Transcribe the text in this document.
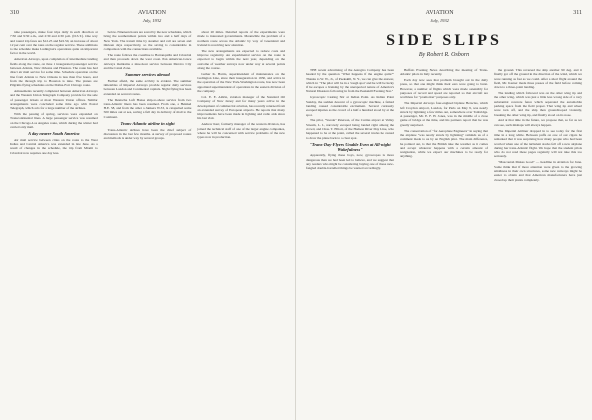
310	AVIATION
July, 1932

nine passengers, make four trips daily in each direction at 7:30 and 9:30 a.m., and 2:30 and 4:30 p.m. (D.S.T.). One way and round trip fares are $12.25 and $22.50, an increase of about 12 per cent over the rates on the regular service. These additions to the schedule make Ludington's operations quite an important factor in the world.

American Airways, upon completion of intermediate landing fields along the route, on June 1 inaugurated passenger service between Atlanta, New Orleans and Houston. The route has had direct air mail service for some time. Schedule operation on the line from Atlanta to New Orleans is less than five hours, and from the through trip to Houston is nine. The planes are Pilgrims flying schedules on the Dallas-Fort Chicago route.

Amusements recently completed between American Airways and the Western Union Telegraph Company provide for the sale of passenger tickets at most Western Union offices. Similar arrangements were concluded some time ago with Postal Telegraph, which acts for a large number of the airlines.

With the passing of spring, services were expanded on Transcontinental lines. A large passenger service was resumed on the Chicago-Los Angeles route, which during the winter had carried only mail.

A day nearer South America

Air mail service between cities on the route to the West Indies and Central America was extended in late June. As a result of changes in the schedule, the trip from Miami to Cristobal now requires one day less.

below. Nineteen hours are saved by the new schedules, which bring the southernmost points within two and a half days of New York. The transit time by steamer and rail are seven and thirteen days respectively, so the saving is considerable in comparison with the connections available.

The route follows the coastline to Barranquilla and Cristobal and then proceeds down the west coast. Pan American-Grace Airways maintains a nine-hour service between Mexico City and the Canal Zone.

Summer services abroad

Further afield, the same activity is evident. The summer timetables of Imperial Airways provide regular daily services between London and Continental capitals. Night flying has been extended on several routes.

The Deutsche Luft Hansa ship-to-shore service from two trans-Atlantic liners has been resumed. From one, a Heinkel H.E. 58, and from the other a Junkers W.33, is catapulted some 500 miles out at sea, saving a full day in delivery of mail to the Continent.

Trans-Atlantic airline in sight

Trans-Atlantic airlines have been the chief subject of discussion in the last few months. A survey of proposed routes and methods is under way by several groups.

about 20 miles. Detailed reports of the experiments were made to interested governments. Meanwhile the problem of a northern route across the Atlantic by way of Greenland and Iceland is receiving new attention.

The new arrangements are expected to reduce costs and improve regularity. An experimental service on the route is expected to begin within the next year, depending on the outcome of weather surveys now under way at several points along the course.

Luther K. Harris, superintendent of maintenance on the Ludington Line, since their inauguration in 1930, and active in the operation of the New York-Washington route, has now been appointed superintendent of operations in the eastern division of the company.

Col. E. E. Aldrin, aviation manager of the Standard Oil Company of New Jersey and for many years active in the development of commercial aviation, has recently returned from an extended survey of European airports. He reports that many improvements have been made in lighting and radio aids since his last visit.

Andrew Kerr, formerly manager of the western division, has joined the technical staff of one of the larger engine companies, where he will be concerned with service problems of the new types now in production.

AVIATION
July, 1932
311
SIDE SLIPS
By Robert R. Osborn

THE recent advertising of the Autogiro Company has been headed by the question "What happens if the engine quits?" Thanks to W. W., Jr., of Peekskill, N. Y., we can give the answer, which is: "The pilot will be in a 'tough spot' and he will be lucky if he escapes a bruising by the unexpected nature of America's Natural Disasters following in from the Peekskill Evening Star."

Gyroscopic Casting Stir at Indian Point. As Indian Point Sunday, the sudden descent of a gyroscopic machine, a famed landing caused considerable excitement. Several curiously escaped injuries as the crowd of a half a hundred stood by at the spot.

The pilot, "Swede" Peterson, of the Curtiss airport at Valley Stream, L. I., narrowly escaped being landed right among the crowd, and Chas. T. Elliott, of the Hudson River Day Line, who happened to be at the point, called the several trucks he owned to draw the plane back to a clear spot.

"Trans-Day-Flyers Unable Even at All-night Wakefulness"

Apparently, flying these boys, now, gyroscopes is more dangerous than we had been led to believe, and we suggest that any readers who might be considering buying one of these new-fangled double-barrelled things be warned accordingly.

Buffalo Evening News describing the meeting of Trans-Atlantic pilots in Italy recently.

Each day now sees that problem brought out in the daily press, so that one might think their ears were going to burst. However, a number of flights which were made ostensibly for purposes of record and speed are reported so that aircraft are worthless for "promotion" purposes only.

The Imperial Airways four-engined biplane Heracles, which left Croydon Airport, London, for Paris on May 9, was nearly struck by lightning a few miles out, somewhere over Tonbridge. A passenger, Mr. E. F. H. Jones, was in the middle of a close game of bridge at the time, and his partners report that he was greatly surprised.

The conservation of "for Aeroplane Engineers" in saying that the airplane "was nearly struck by lightning" reminds us of a comment made to us by an English pilot. The main difference, he pointed out, is that the British take the weather as it comes and accept whatever happens with a certain amount of resignation, while we expect our machines to be ready for anything.

the ground. This reversed the ship another 90 deg. and it finally got off the ground in the direction of the wind, which we were running as fast as we could. After a short flight around the field, Mr. Kerner made three passes of the field before coming down to a three-point landing.

The landing which followed was on the other wing tip and the other wing, which was just a little less wrong side of a very substantial concrete fence which separated the automobile parking space from the field proper. That wing tip and wheel were torn off, and the ship then groundlooped violently, breaking the other wing tip, and finally stood on its nose.

And at that time in the future, we propose that, so far as we can see, such mishaps will always happen.

The Imperial Airliner dropped in to see today for the first time in a long while. Between puffs on one of our cigars he remarked that it was surprising how many people who had been worried when one of the turbulent stacks fell off a new airplane during her trans-Atlantic flight. We hope that the student pilots who do not read these pages regularly will not take this too seriously.

"Mascoutah Makes Good" — headline in Aviation for June. Some think that if more attention were given to the growing smallness in their own structures, some new runways might be easier to obtain and that American manufacturers have just closed up their plants completely.
